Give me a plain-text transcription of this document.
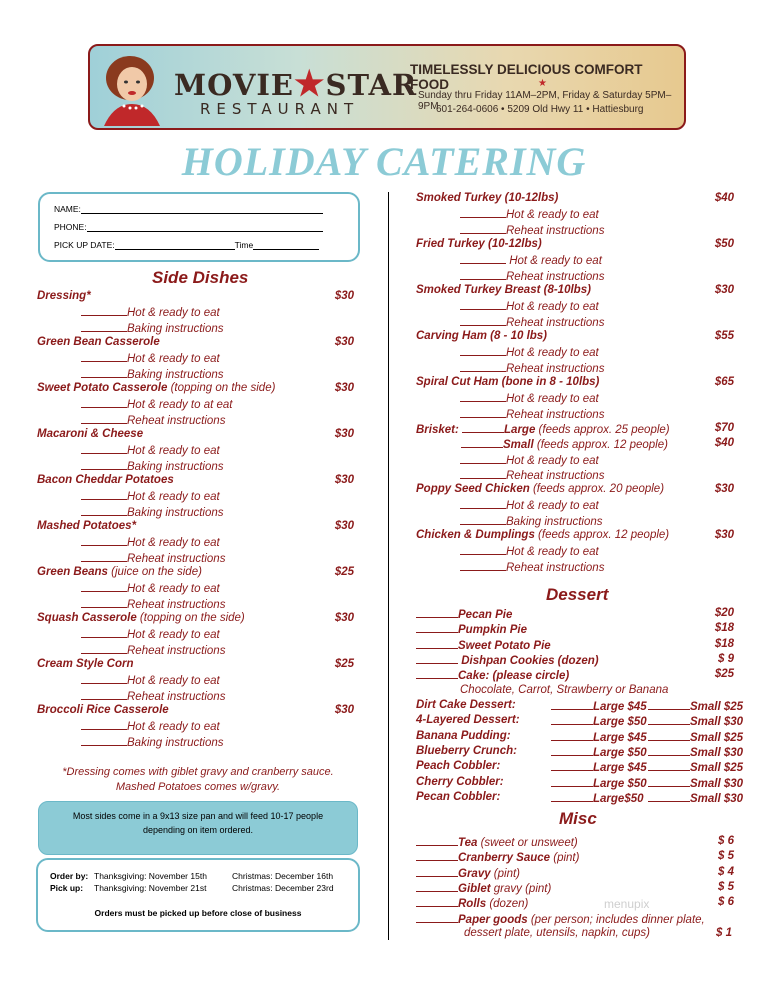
MOVIE★STAR
RESTAURANT
TIMELESSLY DELICIOUS COMFORT FOOD	★
Sunday thru Friday 11AM–2PM, Friday & Saturday 5PM–9PM
601-264-0606 • 5209 Old Hwy 11 • Hattiesburg
HOLIDAY CATERING
NAME:
PHONE:
PICK UP DATE:	Time
Side Dishes
Dressing*	$30
Hot & ready to eat
Baking instructions
Green Bean Casserole	$30
Hot & ready to eat
Baking instructions
Sweet Potato Casserole (topping on the side)	$30
Hot & ready to at eat
Reheat instructions
Macaroni & Cheese	$30
Hot & ready to eat
Baking instructions
Bacon Cheddar Potatoes	$30
Hot & ready to eat
Baking instructions
Mashed Potatoes*	$30
Hot & ready to eat
Reheat instructions
Green Beans (juice on the side)	$25
Hot & ready to eat
Reheat instructions
Squash Casserole (topping on the side)	$30
Hot & ready to eat
Reheat instructions
Cream Style Corn	$25
Hot & ready to eat
Reheat instructions
Broccoli Rice Casserole	$30
Hot & ready to eat
Baking instructions
*Dressing comes with giblet gravy and cranberry sauce.
Mashed Potatoes comes w/gravy.
Most sides come in a 9x13 size pan and will feed 10-17 people
depending on item ordered.
Order by: Thanksgiving: November 15th	Christmas: December 16th
Pick up: Thanksgiving: November 21st	Christmas: December 23rd
Orders must be picked up before close of business
Smoked Turkey (10-12lbs)	$40
Hot & ready to eat
Reheat instructions
Fried Turkey (10-12lbs)	$50
Hot & ready to eat
Reheat instructions
Smoked Turkey Breast (8-10lbs)	$30
Hot & ready to eat
Reheat instructions
Carving Ham (8 - 10 lbs)	$55
Hot & ready to eat
Reheat instructions
Spiral Cut Ham (bone in 8 - 10lbs)	$65
Hot & ready to eat
Reheat instructions
Brisket:	Large (feeds approx. 25 people)	$70
Small (feeds approx. 12 people)	$40
Hot & ready to eat
Reheat instructions
Poppy Seed Chicken (feeds approx. 20 people)	$30
Hot & ready to eat
Baking instructions
Chicken & Dumplings (feeds approx. 12 people)	$30
Hot & ready to eat
Reheat instructions
Dessert
Pecan Pie	$20
Pumpkin Pie	$18
Sweet Potato Pie	$18
Dishpan Cookies (dozen)	$ 9
Cake: (please circle)	$25
Chocolate, Carrot, Strawberry or Banana
Dirt Cake Dessert:	Large $45	Small $25
4-Layered Dessert:	Large $50	Small $30
Banana Pudding:	Large $45	Small $25
Blueberry Crunch:	Large $50	Small $30
Peach Cobbler:	Large $45	Small $25
Cherry Cobbler:	Large $50	Small $30
Pecan Cobbler:	Large$50	Small $30
Misc
Tea (sweet or unsweet)	$ 6
Cranberry Sauce (pint)	$ 5
Gravy (pint)	$ 4
Giblet gravy (pint)	$ 5
Rolls (dozen)	$ 6
Paper goods (per person; includes dinner plate,
dessert plate, utensils, napkin, cups)	$ 1
menupix
